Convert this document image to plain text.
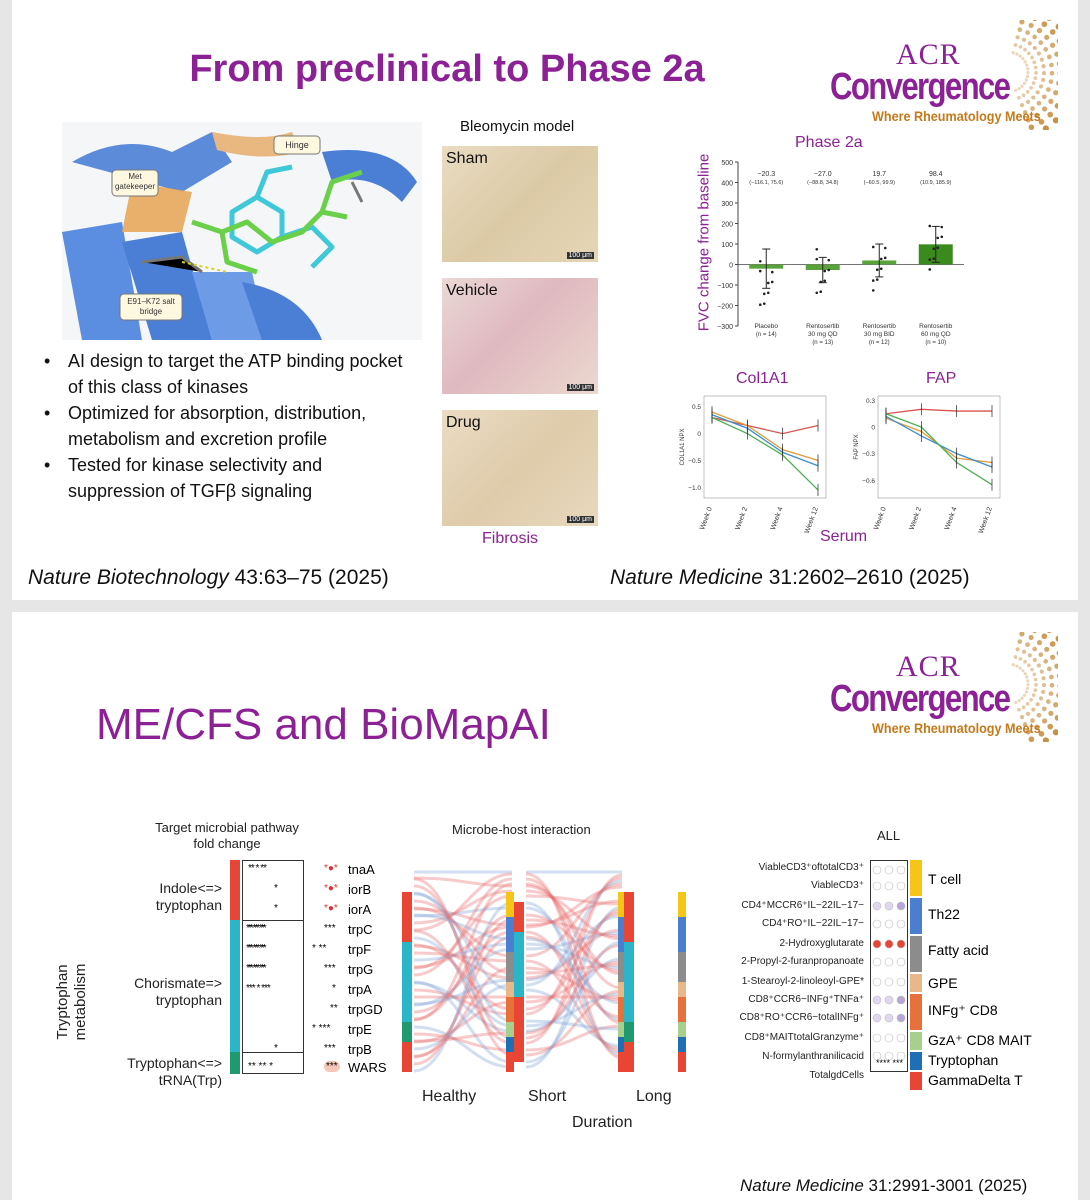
From preclinical to Phase 2a	ACR
Convergence
Where Rheumatology Meets
Met gatekeeper
Hinge
E91–K72 salt bridge
• AI design to target the ATP binding pocket of this class of kinases
• Optimized for absorption, distribution, metabolism and excretion profile
• Tested for kinase selectivity and suppression of TGFβ signaling
Bleomycin model
Sham
100 μm
Vehicle
100 μm
Drug
100 μm
Fibrosis
Phase 2a
FVC change from baseline 500
400
300
200
100
0
−100
−200
−300
−20.3
(−116.1, 75.6)
Placebo
(n = 14)
−27.0
(−88.8, 34.8)
Rentosertib
30 mg QD
(n = 13)
19.7
(−60.5, 99.9)
Rentosertib
30 mg BID
(n = 12)
98.4
(10.9, 185.9)
Rentosertib
60 mg QD
(n = 10)
Col1A1	FAP
0.5
0
−0.5
−1.0
COL1A1 NPX
Week 0	Week 2	Week 4	Week 12
0.3
0
−0.3
−0.6
FAP NPX
Week 0	Week 2	Week 4	Week 12
Serum
Nature Biotechnology 43:63–75 (2025)	Nature Medicine 31:2602–2610 (2025)
ME/CFS and BioMapAI
ACR
Convergence
Where Rheumatology Meets
Target microbial pathway
fold change
Tryptophan metabolism
Indole<=>
tryptophan
Chorismate=>
tryptophan
Tryptophan<=>
tRNA(Trp)
** * **	*●* tnaA
*	*●* iorB
*	*●* iorA
*** *** ***	*** trpC
*** *** ***	* ** trpF
*** *** ***	*** trpG
*** * ***	* trpA
** trpGD
* *** trpE
*	*** trpB
** ** *	*** WARS
Microbe-host interaction
Healthy	Short	Long
Duration
ALL
**** ***
ViableCD3⁺oftotalCD3⁺
ViableCD3⁺
CD4⁺MCCR6⁺IL−22IL−17−
CD4⁺RO⁺IL−22IL−17−
2-Hydroxyglutarate
2-Propyl-2-furanpropanoate
1-Stearoyl-2-linoleoyl-GPE*
CD8⁺CCR6−INFg⁺TNFa⁺
CD8⁺RO⁺CCR6−totalINFg⁺
CD8⁺MAITtotalGranzyme⁺
N-formylanthranilicacid
TotalgdCells
T cell
Th22
Fatty acid
GPE
INFg⁺ CD8
GzA⁺ CD8 MAIT
Tryptophan
GammaDelta T
Nature Medicine 31:2991-3001 (2025)
